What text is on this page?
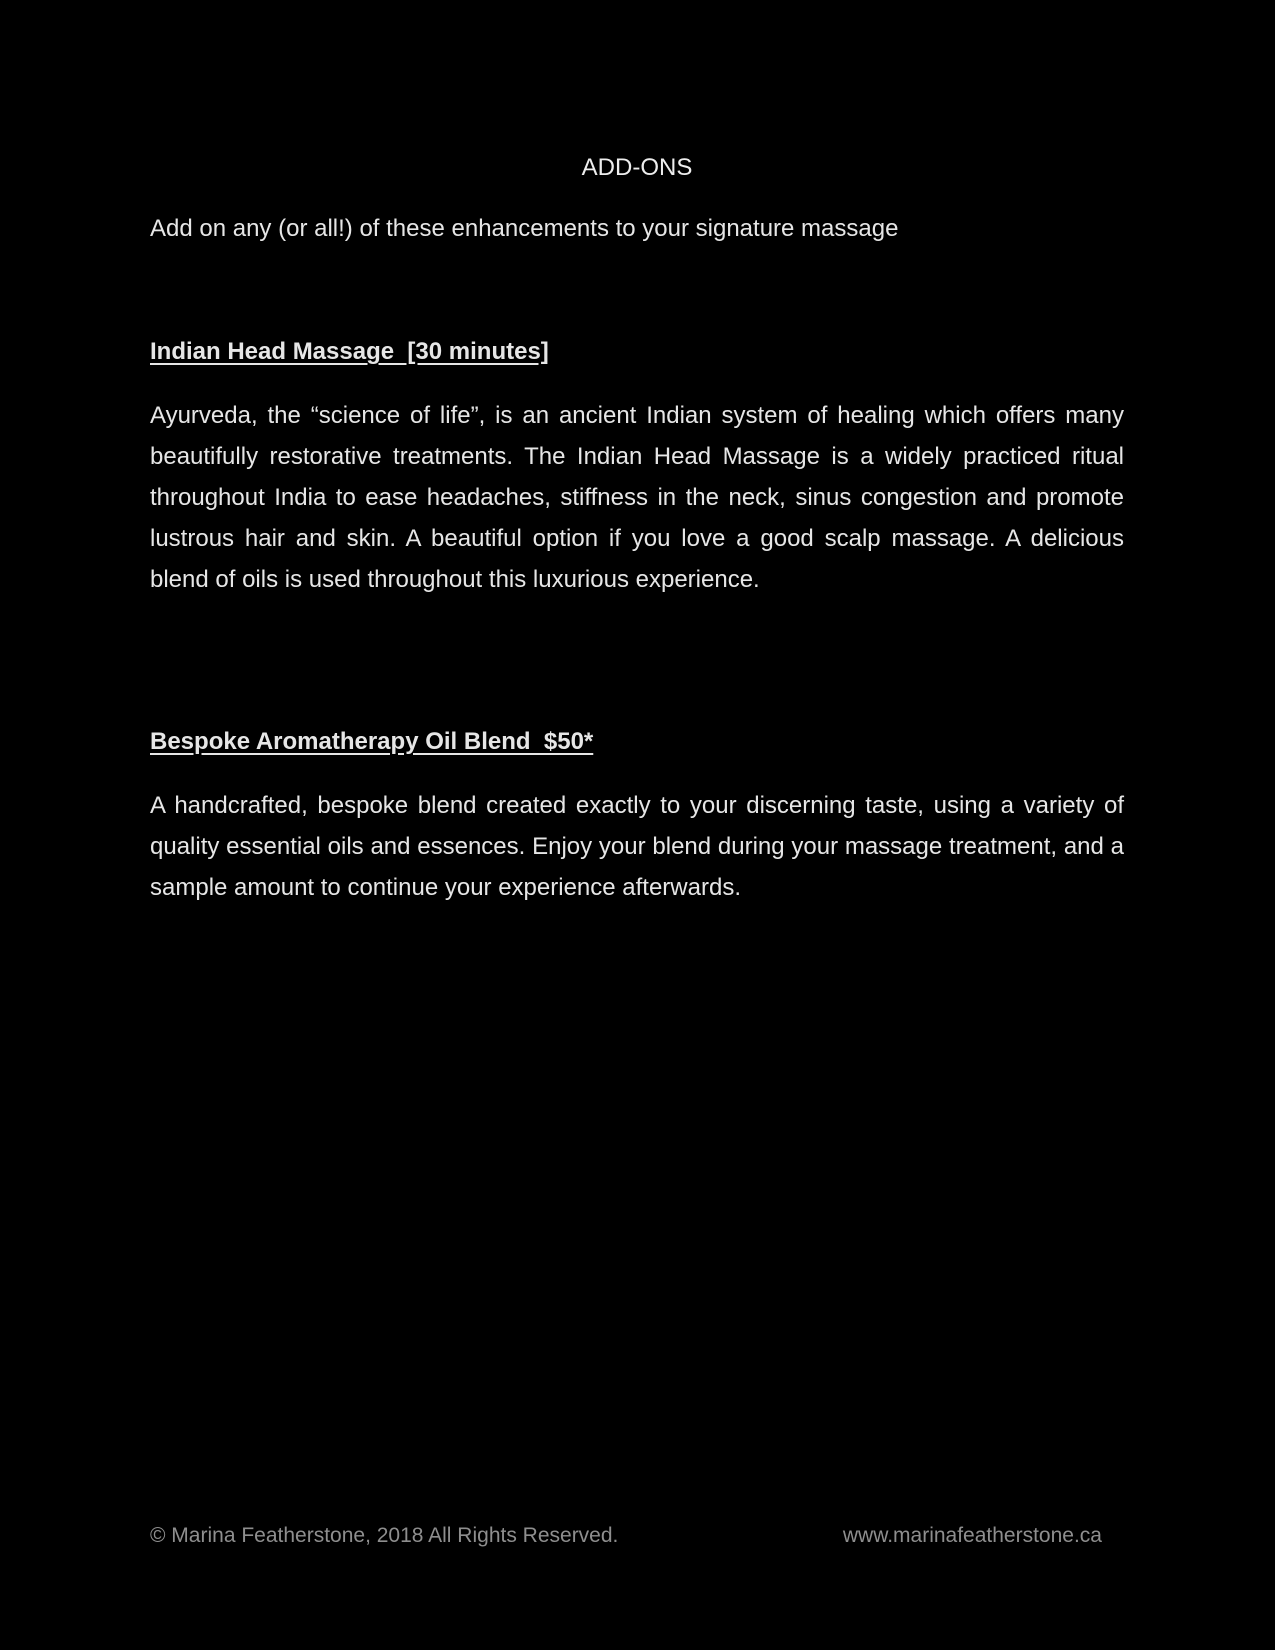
ADD-ONS
Add on any (or all!) of these enhancements to your signature massage
Indian Head Massage  [30 minutes]
Ayurveda, the “science of life”, is an ancient Indian system of healing which offers many beautifully restorative treatments. The Indian Head Massage is a widely practiced ritual throughout India to ease headaches, stiffness in the neck, sinus congestion and promote lustrous hair and skin. A beautiful option if you love a good scalp massage. A delicious blend of oils is used throughout this luxurious experience.
Bespoke Aromatherapy Oil Blend  $50*
A handcrafted, bespoke blend created exactly to your discerning taste, using a variety of quality essential oils and essences. Enjoy your blend during your massage treatment, and a sample amount to continue your experience afterwards.
© Marina Featherstone, 2018 All Rights Reserved.	www.marinafeatherstone.ca
